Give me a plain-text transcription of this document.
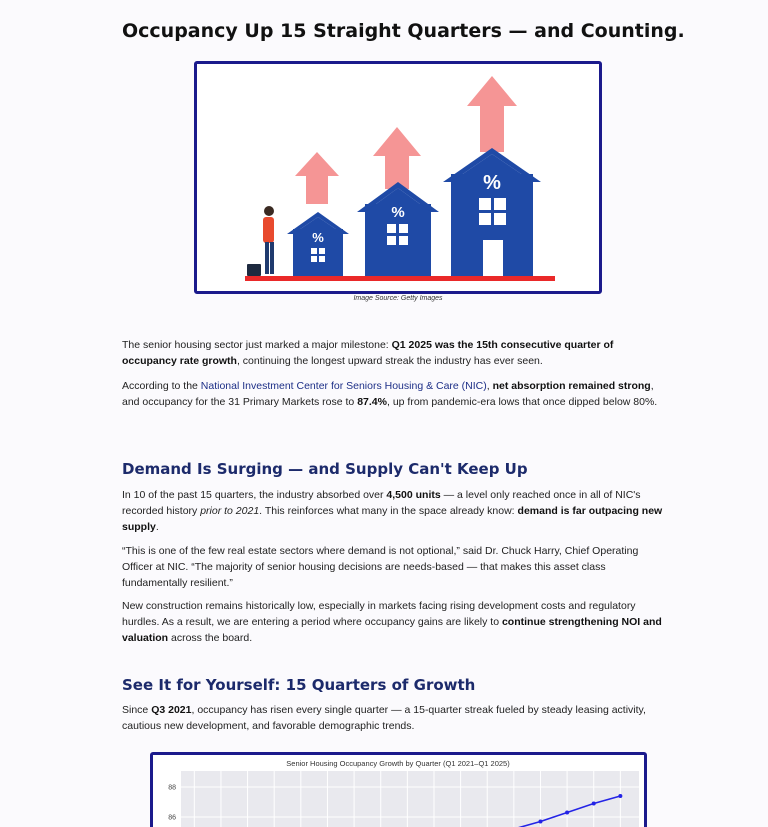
Occupancy Up 15 Straight Quarters — and Counting.
%
%
%
Image Source: Getty Images

The senior housing sector just marked a major milestone: Q1 2025 was the 15th consecutive quarter of occupancy rate growth, continuing the longest upward streak the industry has ever seen.

According to the National Investment Center for Seniors Housing & Care (NIC), net absorption remained strong, and occupancy for the 31 Primary Markets rose to 87.4%, up from pandemic-era lows that once dipped below 80%.

Demand Is Surging — and Supply Can't Keep Up

In 10 of the past 15 quarters, the industry absorbed over 4,500 units — a level only reached once in all of NIC's recorded history prior to 2021. This reinforces what many in the space already know: demand is far outpacing new supply.

“This is one of the few real estate sectors where demand is not optional,” said Dr. Chuck Harry, Chief Operating Officer at NIC. “The majority of senior housing decisions are needs-based — that makes this asset class fundamentally resilient.”

New construction remains historically low, especially in markets facing rising development costs and regulatory hurdles. As a result, we are entering a period where occupancy gains are likely to continue strengthening NOI and valuation across the board.

See It for Yourself: 15 Quarters of Growth

Since Q3 2021, occupancy has risen every single quarter — a 15-quarter streak fueled by steady leasing activity, cautious new development, and favorable demographic trends.

Senior Housing Occupancy Growth by Quarter (Q1 2021–Q1 2025)
88
86
